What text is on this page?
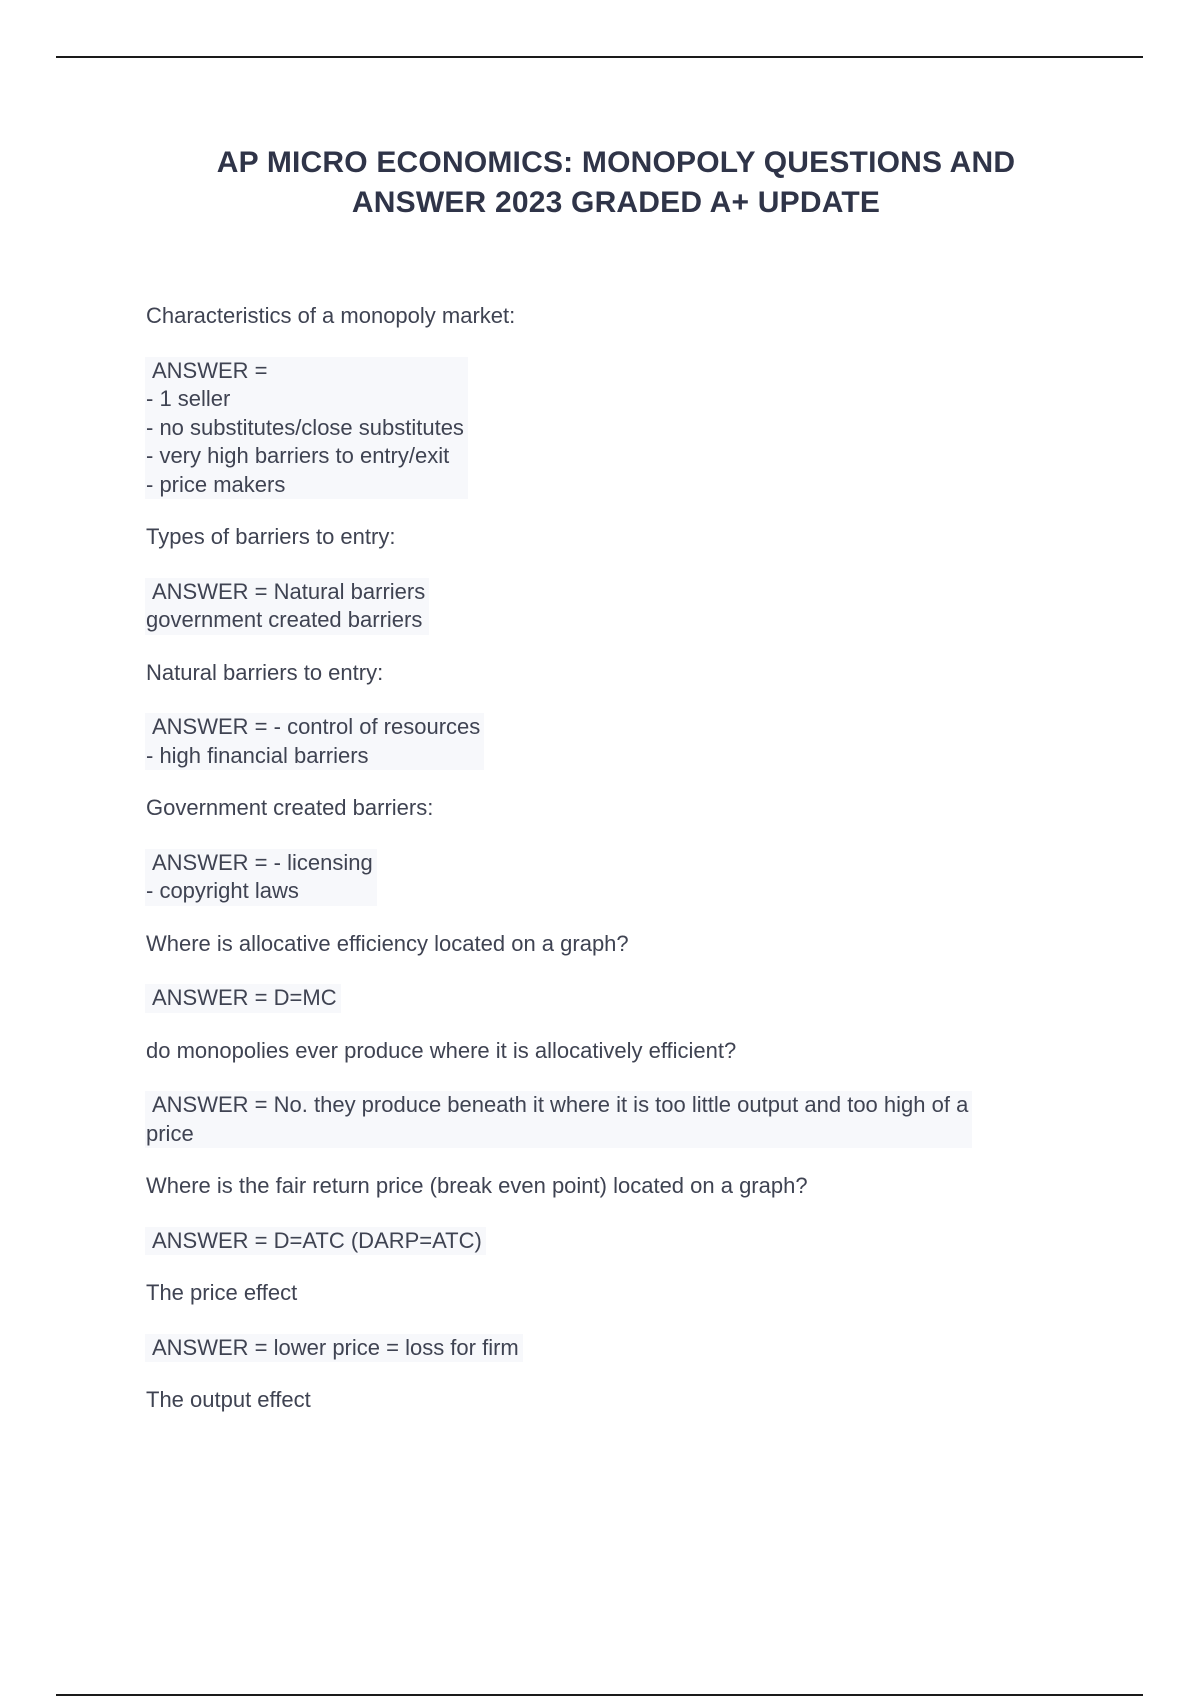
AP MICRO ECONOMICS: MONOPOLY QUESTIONS AND
ANSWER 2023 GRADED A+ UPDATE

Characteristics of a monopoly market:

ANSWER =
- 1 seller
- no substitutes/close substitutes
- very high barriers to entry/exit
- price makers

Types of barriers to entry:

ANSWER = Natural barriers
government created barriers

Natural barriers to entry:

ANSWER = - control of resources
- high financial barriers

Government created barriers:

ANSWER = - licensing
- copyright laws

Where is allocative efficiency located on a graph?

ANSWER = D=MC

do monopolies ever produce where it is allocatively efficient?

ANSWER = No. they produce beneath it where it is too little output and too high of a
price

Where is the fair return price (break even point) located on a graph?

ANSWER = D=ATC (DARP=ATC)

The price effect

ANSWER = lower price = loss for firm

The output effect
